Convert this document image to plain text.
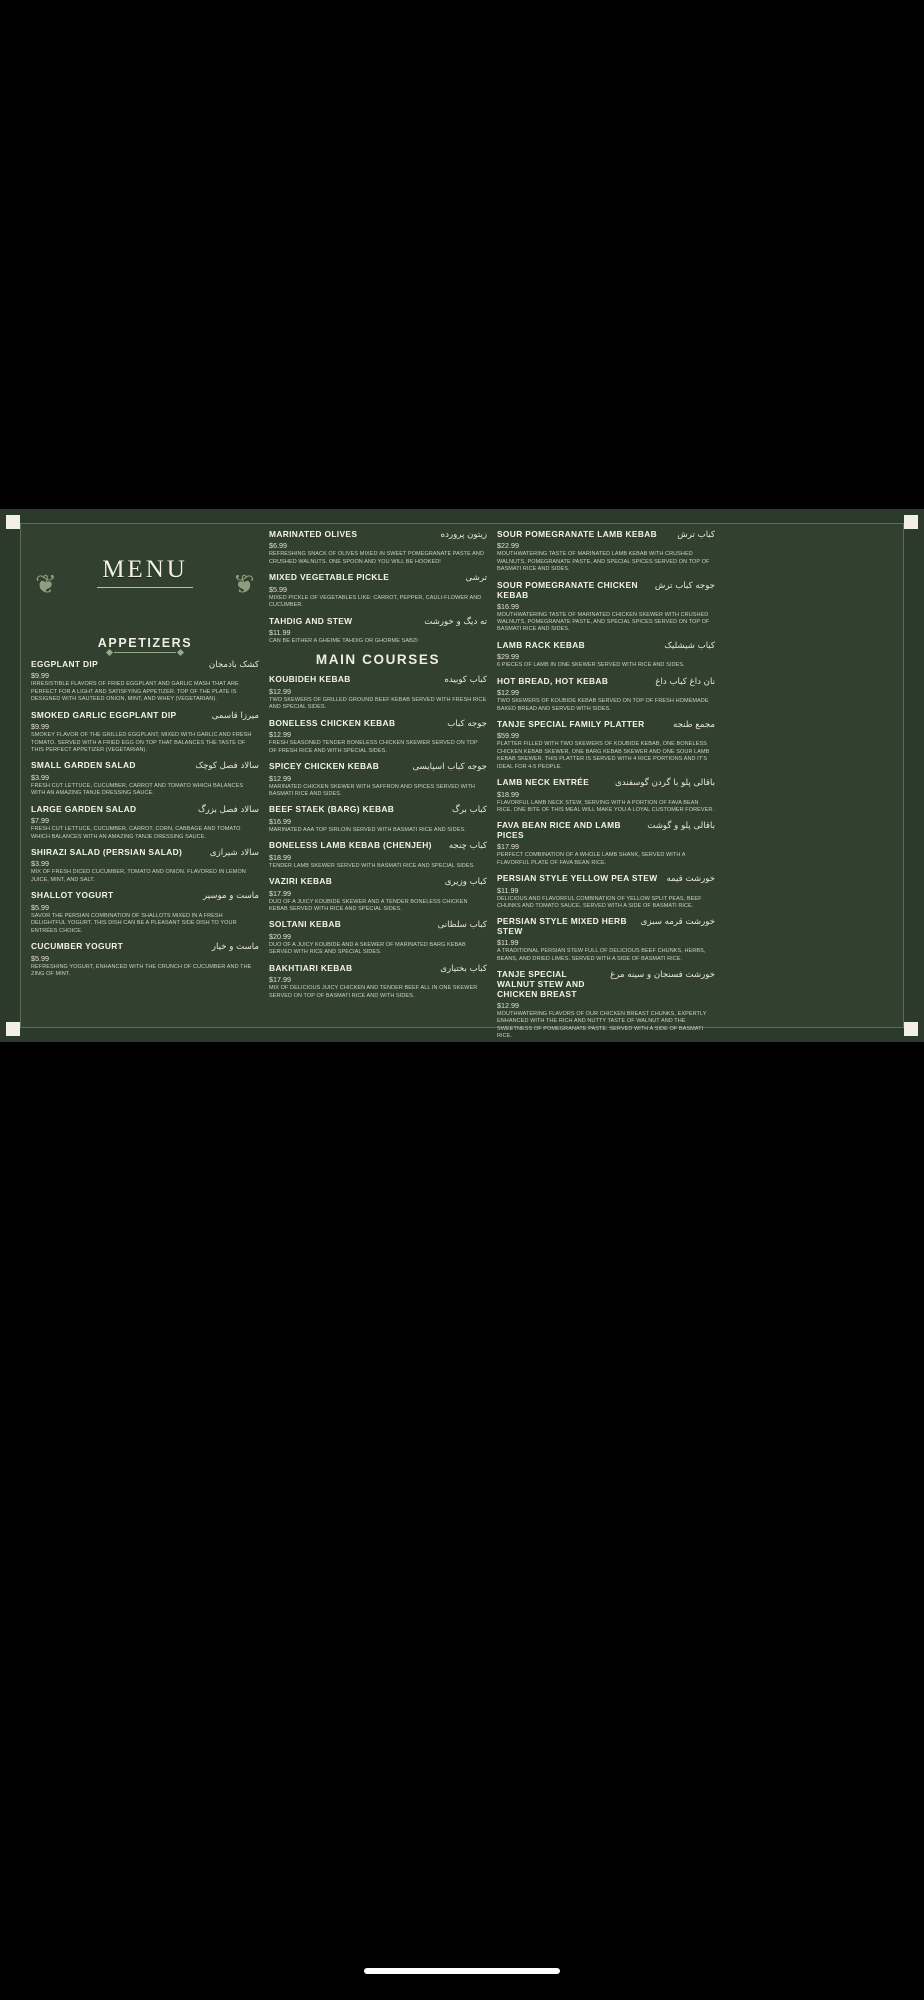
❦	❦
MENU
APPETIZERS
EGGPLANT DIP	کشک بادمجان
$9.99
IRRESISTIBLE FLAVORS OF FRIED EGGPLANT AND GARLIC MASH THAT ARE PERFECT FOR A LIGHT AND SATISFYING APPETIZER. TOP OF THE PLATE IS DESIGNED WITH SAUTEED ONION, MINT, AND WHEY (VEGETARIAN).
SMOKED GARLIC EGGPLANT DIP	میرزا قاسمی
$9.99
SMOKEY FLAVOR OF THE GRILLED EGGPLANT, MIXED WITH GARLIC AND FRESH TOMATO. SERVED WITH A FRIED EGG ON TOP THAT BALANCES THE TASTE OF THIS PERFECT APPETIZER (VEGETARIAN).
SMALL GARDEN SALAD	سالاد فصل کوچک
$3.99
FRESH CUT LETTUCE, CUCUMBER, CARROT AND TOMATO WHICH BALANCES WITH AN AMAZING TANJE DRESSING SAUCE.
LARGE GARDEN SALAD	سالاد فصل بزرگ
$7.99
FRESH CUT LETTUCE, CUCUMBER, CARROT, CORN, CABBAGE AND TOMATO WHICH BALANCES WITH AN AMAZING TANJE DRESSING SAUCE.
SHIRAZI SALAD (PERSIAN SALAD)	سالاد شیرازی
$3.99
MIX OF FRESH DICED CUCUMBER, TOMATO AND ONION. FLAVORED IN LEMON JUICE, MINT, AND SALT.
SHALLOT YOGURT	ماست و موسیر
$5.99
SAVOR THE PERSIAN COMBINATION OF SHALLOTS MIXED IN A FRESH DELIGHTFUL YOGURT. THIS DISH CAN BE A PLEASANT SIDE DISH TO YOUR ENTRÉES CHOICE.
CUCUMBER YOGURT	ماست و خیار
$5.99
REFRESHING YOGURT, ENHANCED WITH THE CRUNCH OF CUCUMBER AND THE ZING OF MINT.
MARINATED OLIVES	زیتون پرورده
$6.99
REFRESHING SNACK OF OLIVES MIXED IN SWEET POMEGRANATE PASTE AND CRUSHED WALNUTS. ONE SPOON AND YOU WILL BE HOOKED!
MIXED VEGETABLE PICKLE	ترشی
$5.99
MIXED PICKLE OF VEGETABLES LIKE: CARROT, PEPPER, CAULI-FLOWER AND CUCUMBER.
TAHDIG AND STEW	ته دیگ و خورشت
$11.99
CAN BE EITHER A GHEIME TAHDIG OR GHORME SABZI
MAIN COURSES
KOUBIDEH KEBAB	کباب کوبیده
$12.99
TWO SKEWERS OF GRILLED GROUND BEEF KEBAB SERVED WITH FRESH RICE AND SPECIAL SIDES.
BONELESS CHICKEN KEBAB	جوجه کباب
$12.99
FRESH SEASONED TENDER BONELESS CHICKEN SKEWER SERVED ON TOP OF FRESH RICE AND WITH SPECIAL SIDES.
SPICEY CHICKEN KEBAB	جوجه کباب اسپایسی
$12.99
MARINATED CHICKEN SKEWER WITH SAFFRON AND SPICES SERVED WITH BASMATI RICE AND SIDES.
BEEF STAEK (BARG) KEBAB	کباب برگ
$16.99
MARINATED AAA TOP SIRLOIN SERVED WITH BASMATI RICE AND SIDES.
BONELESS LAMB KEBAB (CHENJEH) کباب چنجه
$18.99
TENDER LAMB SKEWER SERVED WITH BASMATI RICE AND SPECIAL SIDES.
VAZIRI KEBAB	کباب وزیری
$17.99
DUO OF A JUICY KOUBIDE SKEWER AND A TENDER BONELESS CHICKEN KEBAB SERVED WITH RICE AND SPECIAL SIDES.
SOLTANI KEBAB	کباب سلطانی
$20.99
DUO OF A JUICY KOUBIDE AND A SKEWER OF MARINATED BARG KEBAB SERVED WITH RICE AND SPECIAL SIDES.
BAKHTIARI KEBAB	کباب بختیاری
$17.99
MIX OF DELICIOUS JUICY CHICKEN AND TENDER BEEF ALL IN ONE SKEWER SERVED ON TOP OF BASMATI RICE AND WITH SIDES.
SOUR POMEGRANATE LAMB KEBAB کباب ترش
$22.99
MOUTHWATERING TASTE OF MARINATED LAMB KEBAB WITH CRUSHED WALNUTS, POMEGRANATE PASTE, AND SPECIAL SPICES SERVED ON TOP OF BASMATI RICE AND SIDES.
SOUR POMEGRANATE CHICKEN KEBAB
جوجه کباب ترش
$16.99
MOUTHWATERING TASTE OF MARINATED CHICKEN SKEWER WITH CRUSHED WALNUTS, POMEGRANATE PASTE, AND SPECIAL SPICES SERVED ON TOP OF BASMATI RICE AND SIDES.
LAMB RACK KEBAB	کباب شیشلیک
$29.99
6 PIECES OF LAMB IN ONE SKEWER SERVED WITH RICE AND SIDES.
HOT BREAD, HOT KEBAB	نان داغ کباب داغ
$12.99
TWO SKEWERS OF KOUBIDE KEBAB SERVED ON TOP OF FRESH HOMEMADE BAKED BREAD AND SERVED WITH SIDES.
TANJE SPECIAL FAMILY PLATTER	مجمع طنجه
$59.99
PLATTER FILLED WITH TWO SKEWERS OF KOUBIDE KEBAB, ONE BONELESS CHICKEN KEBAB SKEWER, ONE BARG KEBAB SKEWER AND ONE SOUR LAMB KEBAB SKEWER. THIS PLATTER IS SERVED WITH 4 RICE PORTIONS AND IT'S IDEAL FOR 4-5 PEOPLE.
LAMB NECK ENTRÉE	باقالی پلو با گردن گوسفندی
$18.99
FLAVORFUL LAMB NECK STEW, SERVING WITH A PORTION OF FAVA BEAN RICE. ONE BITE OF THIS MEAL WILL MAKE YOU A LOYAL CUSTOMER FOREVER.
FAVA BEAN RICE AND LAMB PICES
باقالی پلو و گوشت
$17.99
PERFECT COMBINATION OF A WHOLE LAMB SHANK, SERVED WITH A FLAVORFUL PLATE OF FAVA BEAN RICE.
PERSIAN STYLE YELLOW PEA STEW خورشت قیمه
$11.99
DELICIOUS AND FLAVORFUL COMBINATION OF YELLOW SPLIT PEAS, BEEF CHUNKS AND TOMATO SAUCE, SERVED WITH A SIDE OF BASMATI RICE.
PERSIAN STYLE MIXED HERB STEW
خورشت قرمه سبزی
$11.99
A TRADITIONAL PERSIAN STEW FULL OF DELICIOUS BEEF CHUNKS, HERBS, BEANS, AND DRIED LIMES. SERVED WITH A SIDE OF BASMATI RICE.
TANJE SPECIAL WALNUT STEW AND CHICKEN BREAST
خورشت فسنجان و سینه مرغ
$12.99
MOUTHWATERING FLAVORS OF OUR CHICKEN BREAST CHUNKS, EXPERTLY ENHANCED WITH THE RICH AND NUTTY TASTE OF WALNUT AND THE SWEETNESS OF POMEGRANATE PASTE. SERVED WITH A SIDE OF BASMATI RICE.
